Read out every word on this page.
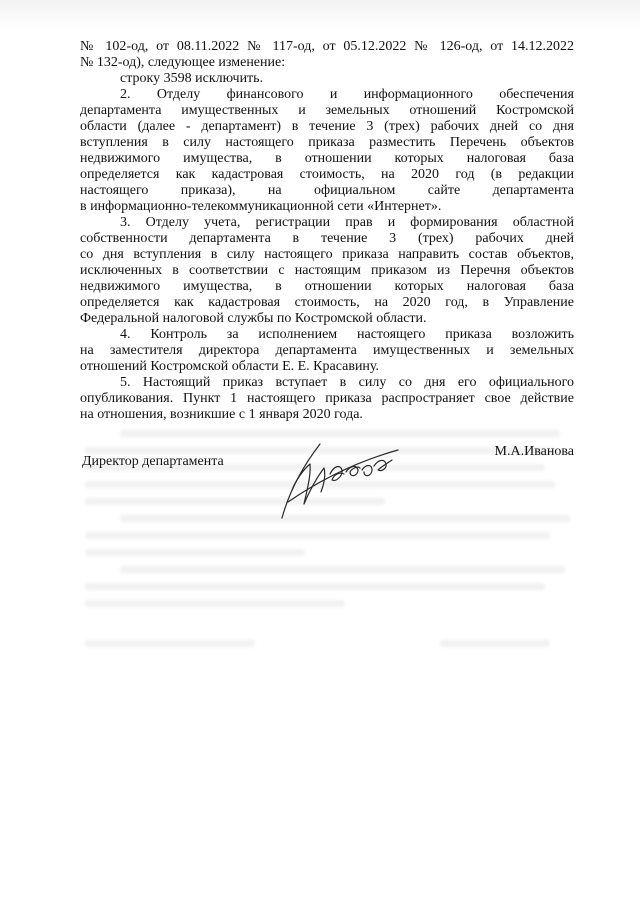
№ 102-од, от 08.11.2022 № 117-од, от 05.12.2022 № 126-од, от 14.12.2022
№ 132-од), следующее изменение:
строку 3598 исключить.
2. Отделу финансового и информационного обеспечения
департамента имущественных и земельных отношений Костромской
области (далее - департамент) в течение 3 (трех) рабочих дней со дня
вступления в силу настоящего приказа разместить Перечень объектов
недвижимого имущества, в отношении которых налоговая база
определяется как кадастровая стоимость, на 2020 год (в редакции
настоящего приказа), на официальном сайте департамента
в информационно-телекоммуникационной сети «Интернет».
3. Отделу учета, регистрации прав и формирования областной
собственности департамента в течение 3 (трех) рабочих дней
со дня вступления в силу настоящего приказа направить состав объектов,
исключенных в соответствии с настоящим приказом из Перечня объектов
недвижимого имущества, в отношении которых налоговая база
определяется как кадастровая стоимость, на 2020 год, в Управление
Федеральной налоговой службы по Костромской области.
4. Контроль за исполнением настоящего приказа возложить
на заместителя директора департамента имущественных и земельных
отношений Костромской области Е. Е. Красавину.
5. Настоящий приказ вступает в силу со дня его официального
опубликования. Пункт 1 настоящего приказа распространяет свое действие
на отношения, возникшие с 1 января 2020 года.
Директор департамента
М.А.Иванова
